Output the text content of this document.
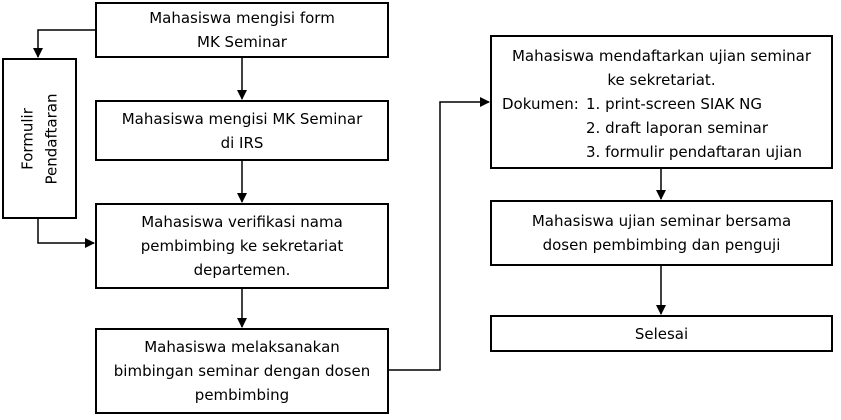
Mahasiswa mengisi form
MK Seminar
Mahasiswa mengisi MK Seminar
di IRS
Mahasiswa verifikasi nama
pembimbing ke sekretariat
departemen.
Mahasiswa melaksanakan
bimbingan seminar dengan dosen
pembimbing
Formulir Pendaftaran
Mahasiswa mendaftarkan ujian seminar
ke sekretariat.
Dokumen: 1. print-screen SIAK NG
2. draft laporan seminar
3. formulir pendaftaran ujian
Mahasiswa ujian seminar bersama
dosen pembimbing dan penguji
Selesai
